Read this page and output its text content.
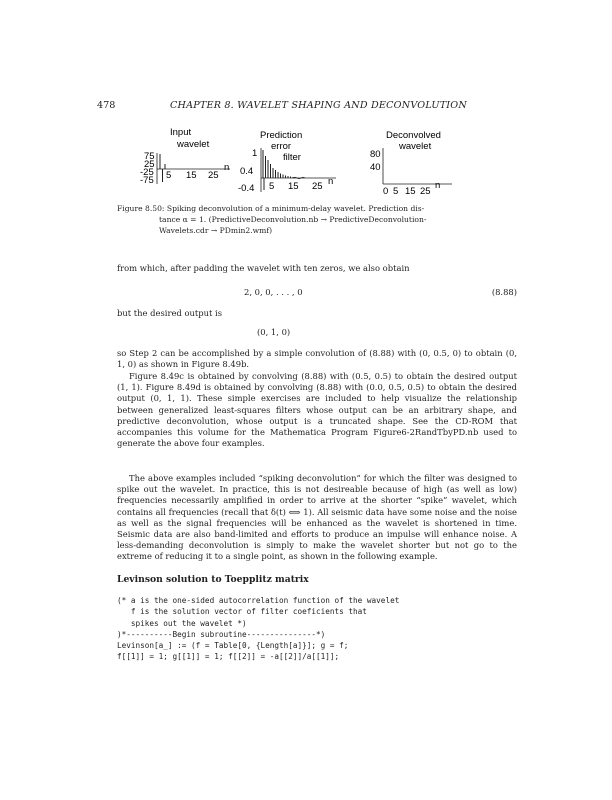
478	CHAPTER 8. WAVELET SHAPING AND DECONVOLUTION
Input
wavelet
75
25
-25
-75 5 15 25
n
Prediction
error
filter
1
0.4
-0.4 5 15 25 n
Deconvolved
wavelet
80
40
0 5 15 25
n
Figure 8.50: Spiking deconvolution of a minimum-delay wavelet. Prediction dis-
tance α = 1. (PredictiveDeconvolution.nb → PredictiveDeconvolution-
Wavelets.cdr → PDmin2.wmf)
from which, after padding the wavelet with ten zeros, we also obtain
2, 0, 0, . . . , 0	(8.88)
but the desired output is
(0, 1, 0)
so Step 2 can be accomplished by a simple convolution of (8.88) with (0, 0.5, 0) to obtain (0, 1, 0) as shown in Figure 8.49b.
Figure 8.49c is obtained by convolving (8.88) with (0.5, 0.5) to obtain the desired output (1, 1). Figure 8.49d is obtained by convolving (8.88) with (0.0, 0.5, 0.5) to obtain the desired output (0, 1, 1). These simple exercises are included to help visualize the relationship between generalized least-squares filters whose output can be an arbitrary shape, and predictive deconvolution, whose output is a truncated shape. See the CD-ROM that accompanies this volume for the Mathematica Program Figure6-2RandTbyPD.nb used to generate the above four examples.
The above examples included “spiking deconvolution” for which the filter was designed to spike out the wavelet. In practice, this is not desireable because of high (as well as low) frequencies necessarily amplified in order to arrive at the shorter “spike” wavelet, which contains all frequencies (recall that δ(t) ⟺ 1). All seismic data have some noise and the noise as well as the signal frequencies will be enhanced as the wavelet is shortened in time. Seismic data are also band-limited and efforts to produce an impulse will enhance noise. A less-demanding deconvolution is simply to make the wavelet shorter but not go to the extreme of reducing it to a single point, as shown in the following example.
Levinson solution to Toepplitz matrix
(* a is the one-sided autocorrelation function of the wavelet
f is the solution vector of filter coeficients that
spikes out the wavelet *)
)*----------Begin subroutine---------------*)
Levinson[a_] := (f = Table[0, {Length[a]}]; g = f;
f[[1]] = 1; g[[1]] = 1; f[[2]] = -a[[2]]/a[[1]];
